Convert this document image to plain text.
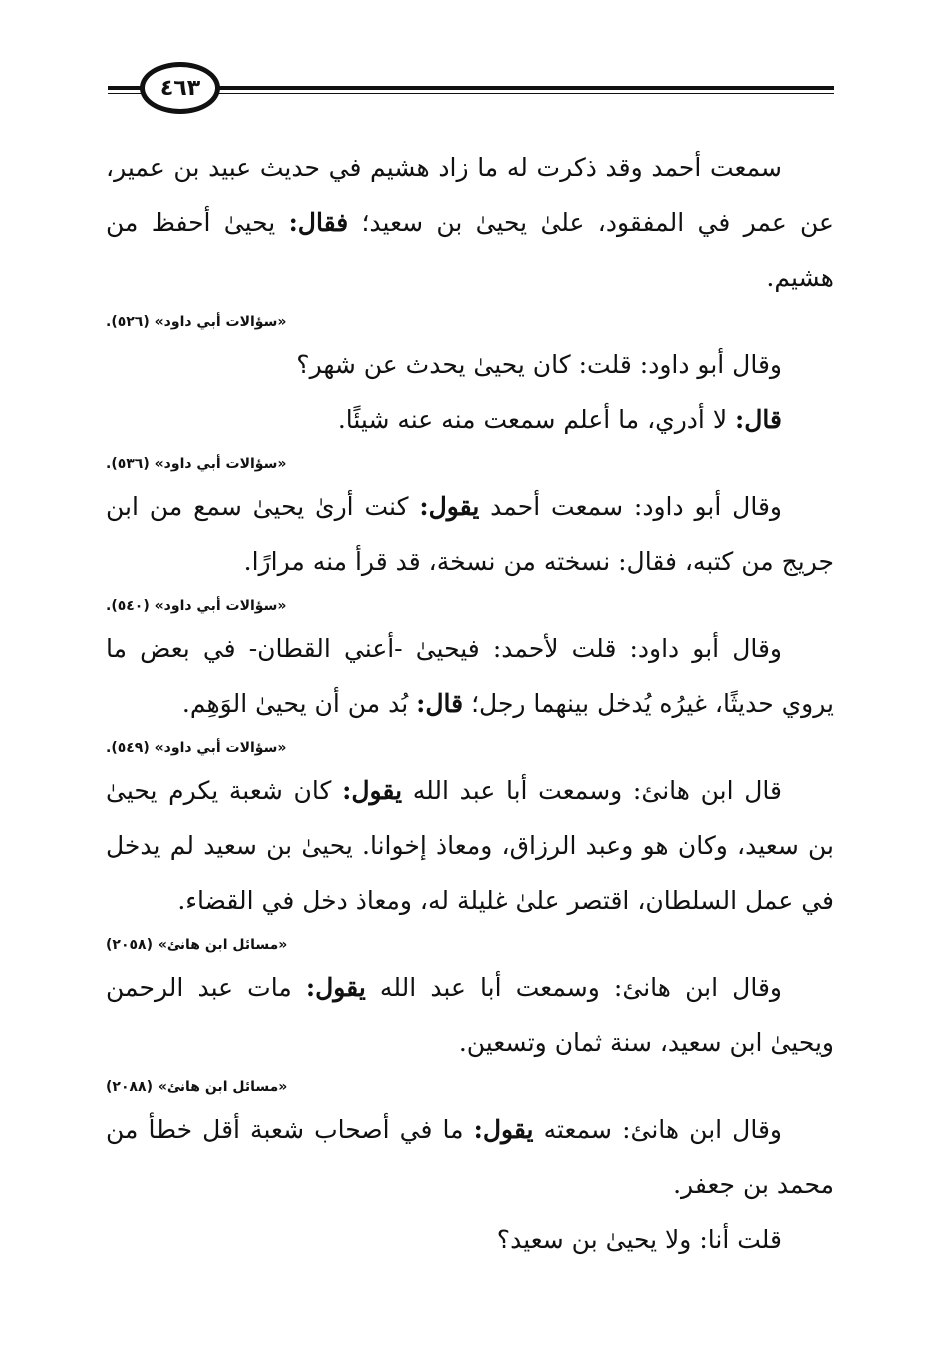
٤٦٣

سمعت أحمد وقد ذكرت له ما زاد هشيم في حديث عبيد بن عمير، عن عمر في المفقود، علىٰ يحيىٰ بن سعيد؛ فقال: يحيىٰ أحفظ من هشيم.

«سؤالات أبي داود» (٥٢٦).

وقال أبو داود: قلت: كان يحيىٰ يحدث عن شهر؟

قال: لا أدري، ما أعلم سمعت منه عنه شيئًا.

«سؤالات أبي داود» (٥٣٦).

وقال أبو داود: سمعت أحمد يقول: كنت أرىٰ يحيىٰ سمع من ابن جريج من كتبه، فقال: نسخته من نسخة، قد قرأ منه مرارًا.

«سؤالات أبي داود» (٥٤٠).

وقال أبو داود: قلت لأحمد: فيحيىٰ -أعني القطان- في بعض ما يروي حديثًا، غيرُه يُدخل بينهما رجل؛ قال: بُد من أن يحيىٰ الوَهِم.

«سؤالات أبي داود» (٥٤٩).

قال ابن هانئ: وسمعت أبا عبد الله يقول: كان شعبة يكرم يحيىٰ بن سعيد، وكان هو وعبد الرزاق، ومعاذ إخوانا. يحيىٰ بن سعيد لم يدخل في عمل السلطان، اقتصر علىٰ غليلة له، ومعاذ دخل في القضاء.

«مسائل ابن هانئ» (٢٠٥٨)

وقال ابن هانئ: وسمعت أبا عبد الله يقول: مات عبد الرحمن ويحيىٰ ابن سعيد، سنة ثمان وتسعين.

«مسائل ابن هانئ» (٢٠٨٨)

وقال ابن هانئ: سمعته يقول: ما في أصحاب شعبة أقل خطأ من محمد بن جعفر.

قلت أنا: ولا يحيىٰ بن سعيد؟
